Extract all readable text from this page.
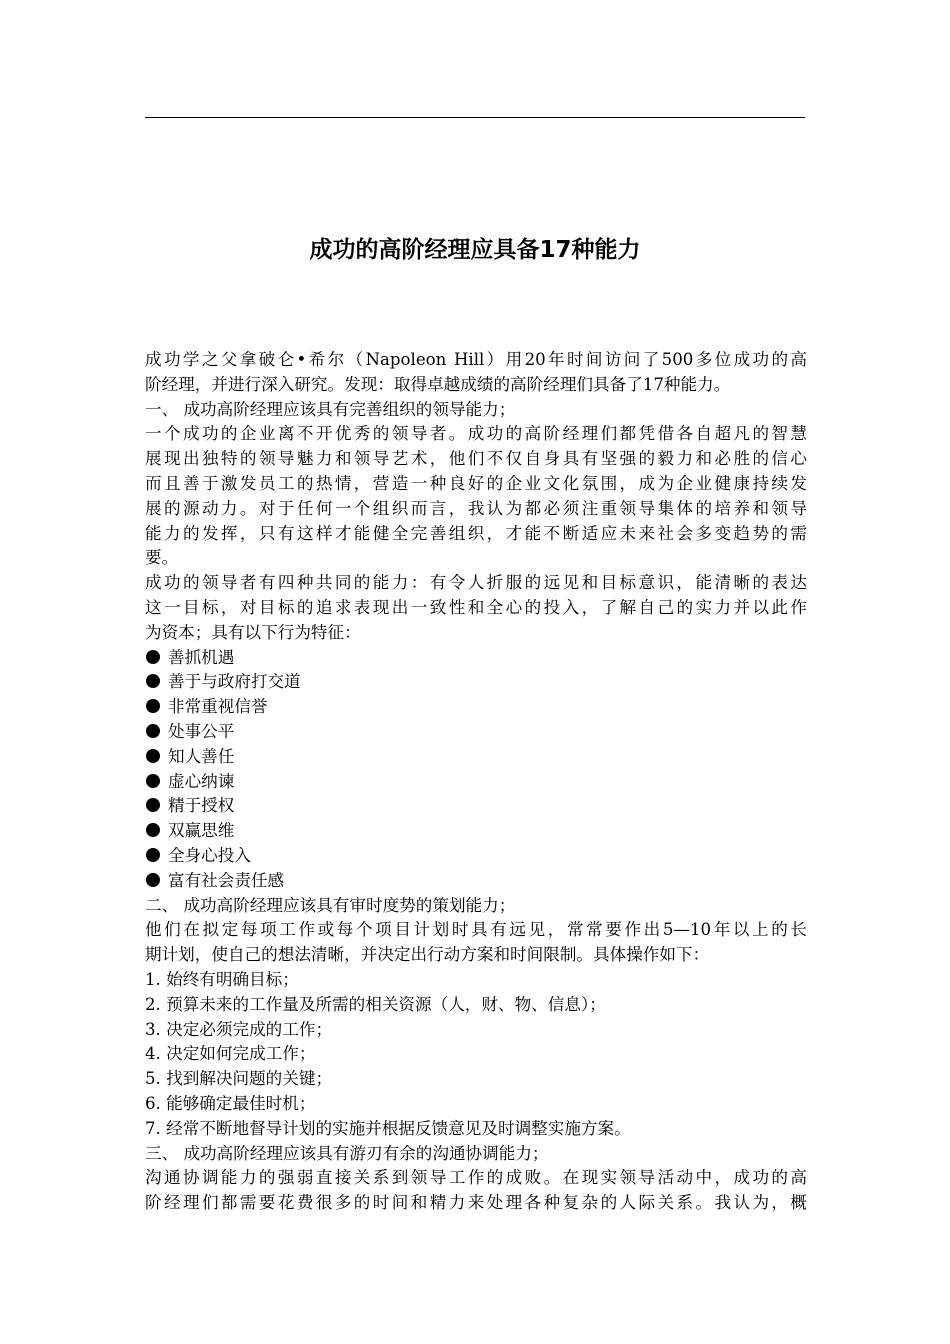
成功的高阶经理应具备17种能力
成功学之父拿破仑•希尔（Napoleon Hill）用20年时间访问了500多位成功的高
阶经理，并进行深入研究。发现：取得卓越成绩的高阶经理们具备了17种能力。
一、 成功高阶经理应该具有完善组织的领导能力；
一个成功的企业离不开优秀的领导者。成功的高阶经理们都凭借各自超凡的智慧
展现出独特的领导魅力和领导艺术，他们不仅自身具有坚强的毅力和必胜的信心
而且善于激发员工的热情，营造一种良好的企业文化氛围，成为企业健康持续发
展的源动力。对于任何一个组织而言，我认为都必须注重领导集体的培养和领导
能力的发挥，只有这样才能健全完善组织，才能不断适应未来社会多变趋势的需
要。
成功的领导者有四种共同的能力：有令人折服的远见和目标意识，能清晰的表达
这一目标，对目标的追求表现出一致性和全心的投入，了解自己的实力并以此作
为资本；具有以下行为特征：
善抓机遇
善于与政府打交道
非常重视信誉
处事公平
知人善任
虚心纳谏
精于授权
双赢思维
全身心投入
富有社会责任感
二、 成功高阶经理应该具有审时度势的策划能力；
他们在拟定每项工作或每个项目计划时具有远见，常常要作出5—10年以上的长
期计划，使自己的想法清晰，并决定出行动方案和时间限制。具体操作如下：
1. 始终有明确目标；
2. 预算未来的工作量及所需的相关资源（人，财、物、信息）；
3. 决定必须完成的工作；
4. 决定如何完成工作；
5. 找到解决问题的关键；
6. 能够确定最佳时机；
7. 经常不断地督导计划的实施并根据反馈意见及时调整实施方案。
三、 成功高阶经理应该具有游刃有余的沟通协调能力；
沟通协调能力的强弱直接关系到领导工作的成败。在现实领导活动中，成功的高
阶经理们都需要花费很多的时间和精力来处理各种复杂的人际关系。我认为，概
